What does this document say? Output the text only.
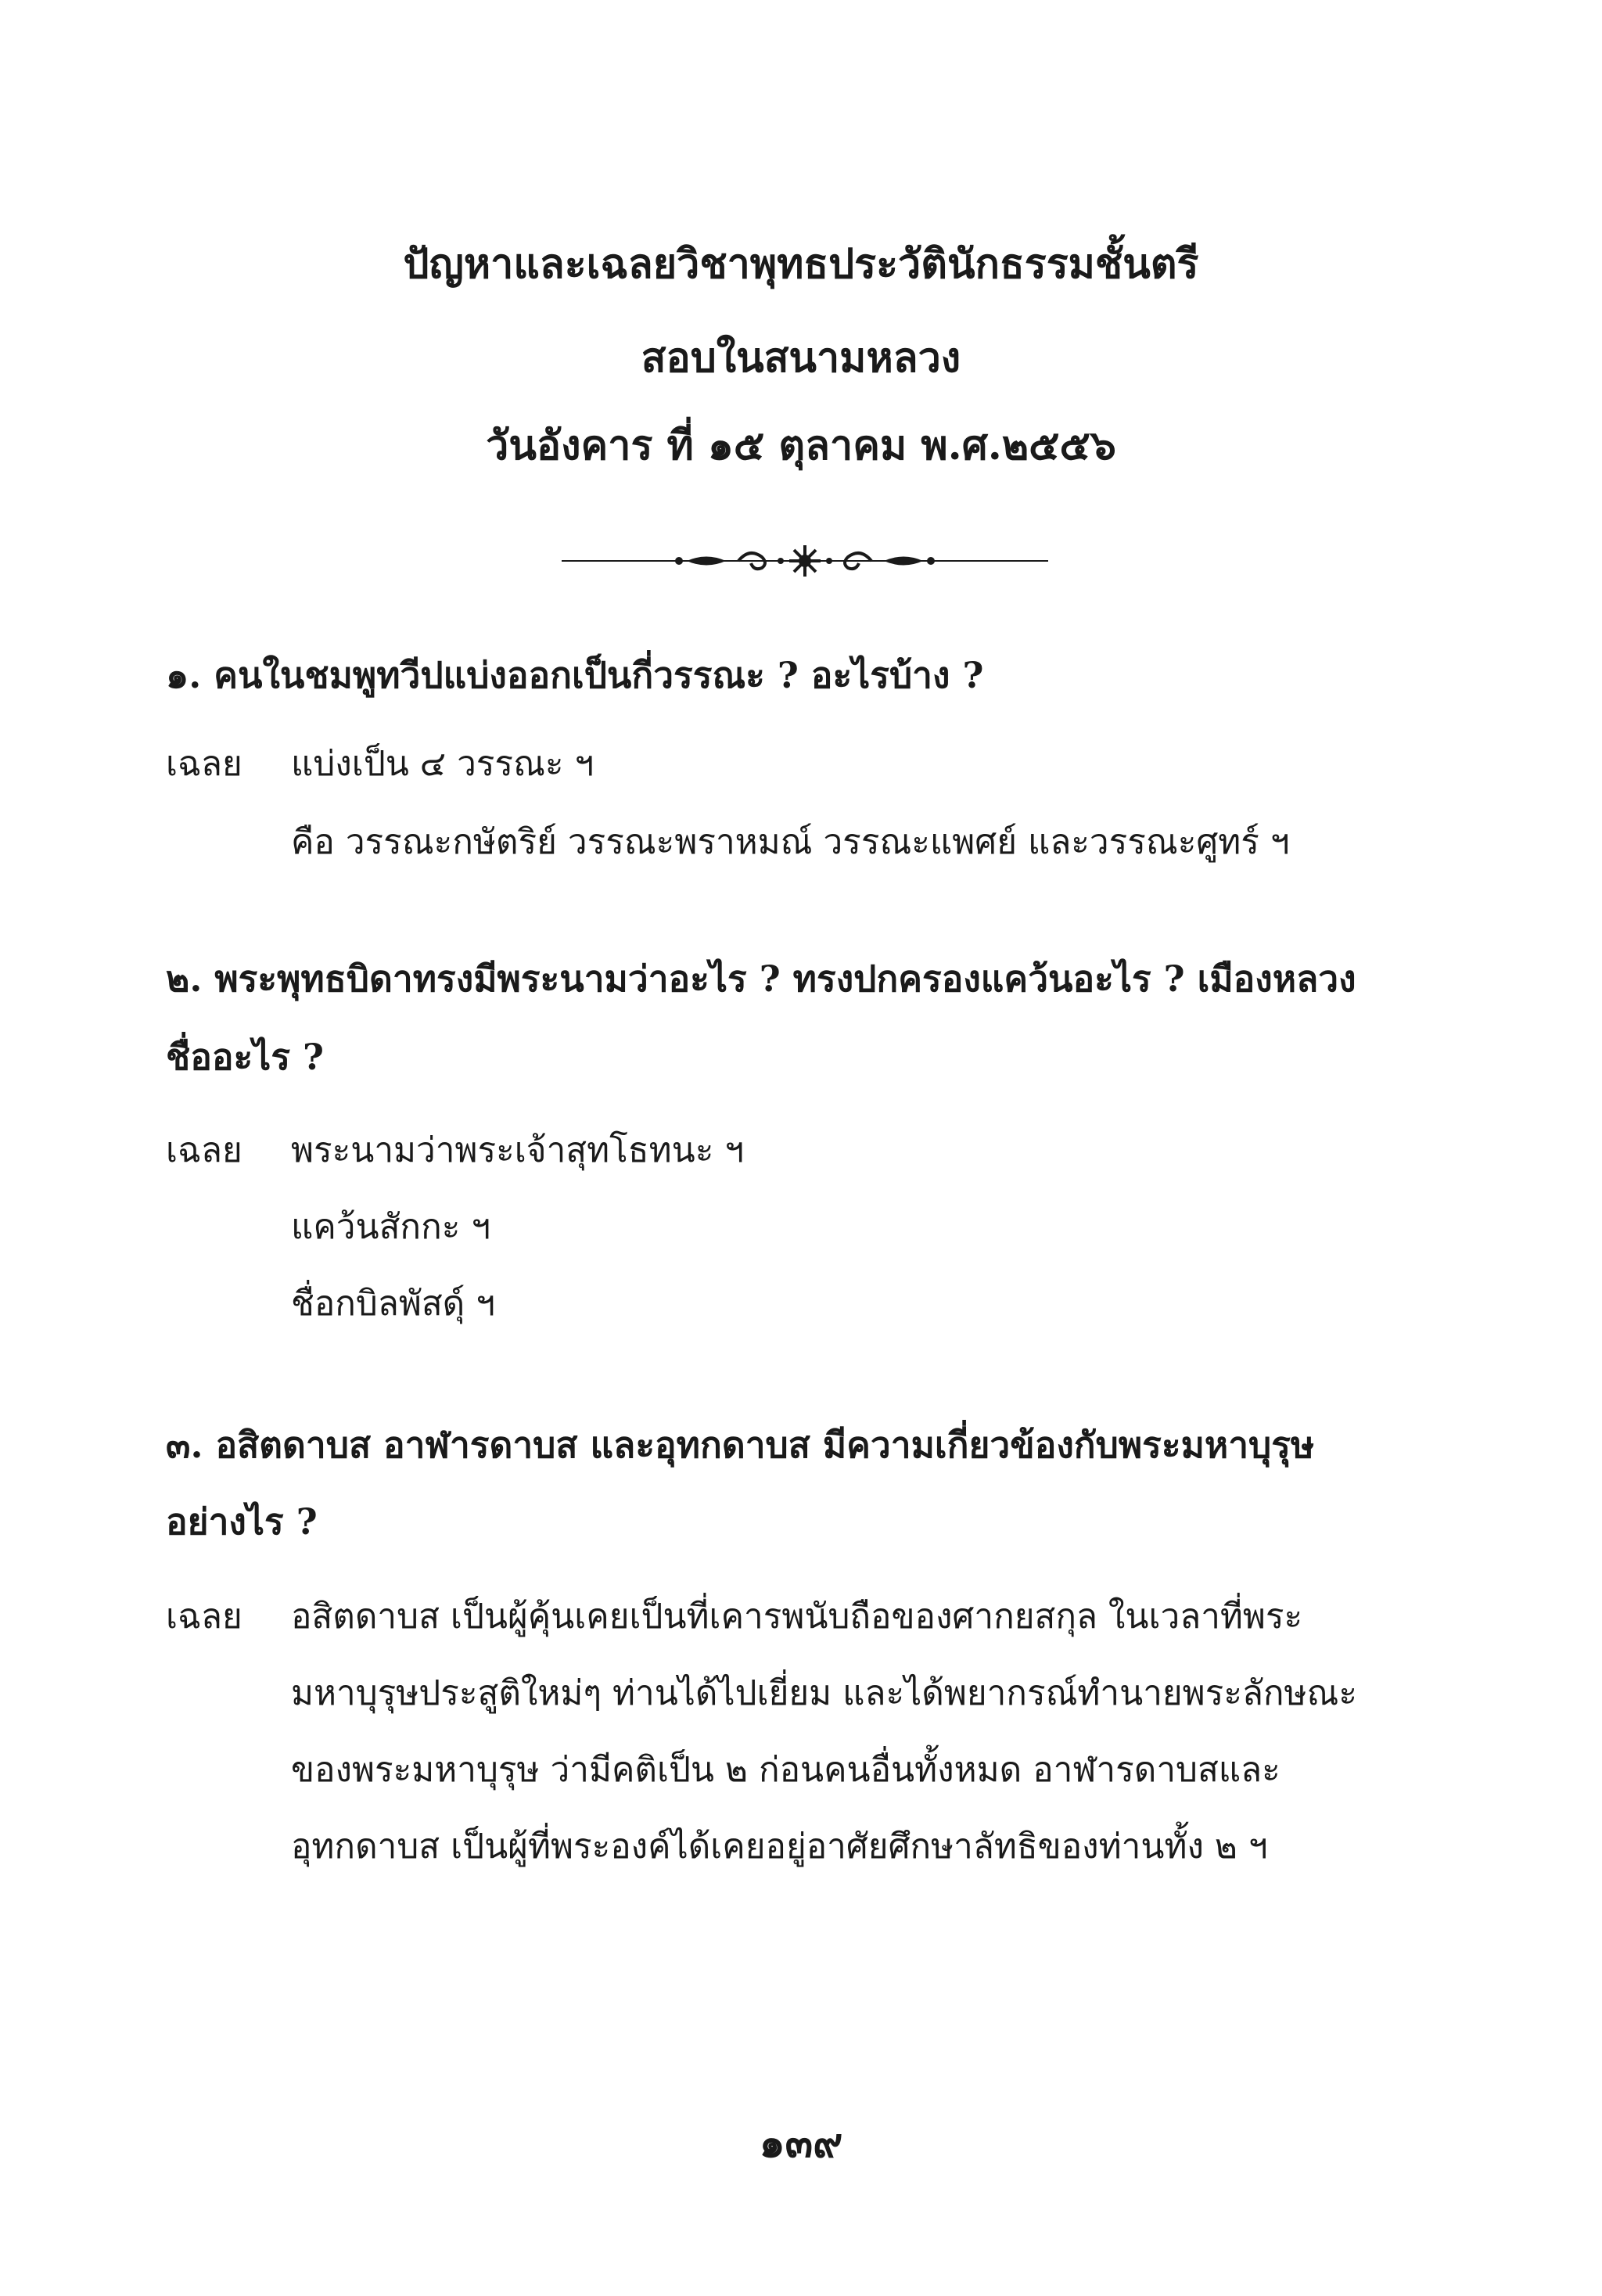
ปัญหาและเฉลยวิชาพุทธประวัตินักธรรมชั้นตรี
สอบในสนามหลวง
วันอังคาร ที่ ๑๕ ตุลาคม พ.ศ.๒๕๕๖
๑. คนในชมพูทวีปแบ่งออกเป็นกี่วรรณะ ? อะไรบ้าง ?
เฉลย แบ่งเป็น ๔ วรรณะ ฯ
คือ วรรณะกษัตริย์ วรรณะพราหมณ์ วรรณะแพศย์ และวรรณะศูทร์ ฯ
๒. พระพุทธบิดาทรงมีพระนามว่าอะไร ? ทรงปกครองแคว้นอะไร ? เมืองหลวง
ชื่ออะไร ?
เฉลย พระนามว่าพระเจ้าสุทโธทนะ ฯ
แคว้นสักกะ ฯ
ชื่อกบิลพัสดุ์ ฯ
๓. อสิตดาบส อาฬารดาบส และอุทกดาบส มีความเกี่ยวข้องกับพระมหาบุรุษ
อย่างไร ?
เฉลย อสิตดาบส เป็นผู้คุ้นเคยเป็นที่เคารพนับถือของศากยสกุล ในเวลาที่พระ
มหาบุรุษประสูติใหม่ๆ ท่านได้ไปเยี่ยม และได้พยากรณ์ทำนายพระลักษณะ
ของพระมหาบุรุษ ว่ามีคติเป็น ๒ ก่อนคนอื่นทั้งหมด อาฬารดาบสและ
อุทกดาบส เป็นผู้ที่พระองค์ได้เคยอยู่อาศัยศึกษาลัทธิของท่านทั้ง ๒ ฯ
๑๓๙
